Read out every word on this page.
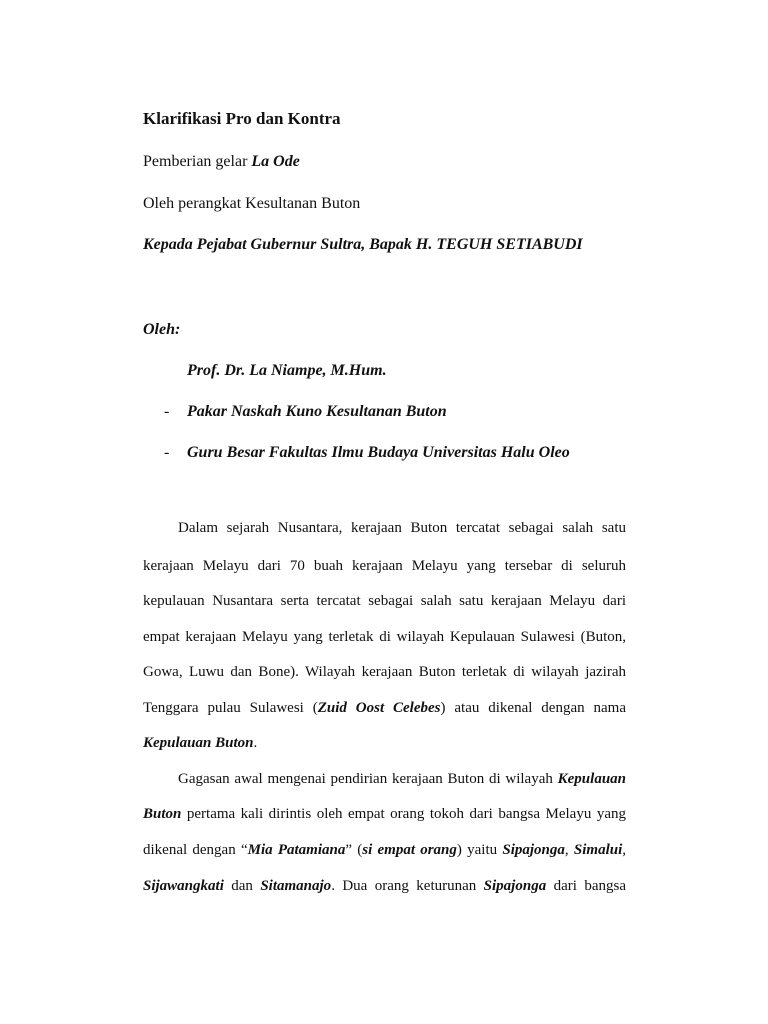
Klarifikasi Pro dan Kontra
Pemberian gelar La Ode
Oleh perangkat Kesultanan Buton
Kepada Pejabat Gubernur Sultra, Bapak H. TEGUH SETIABUDI
Oleh:
Prof. Dr. La Niampe, M.Hum.
- Pakar Naskah Kuno Kesultanan Buton
- Guru Besar Fakultas Ilmu Budaya Universitas Halu Oleo
Dalam sejarah Nusantara, kerajaan Buton tercatat sebagai salah satu
kerajaan Melayu dari 70 buah kerajaan Melayu yang tersebar di seluruh
kepulauan Nusantara serta tercatat sebagai salah satu kerajaan Melayu dari
empat kerajaan Melayu yang terletak di wilayah Kepulauan Sulawesi (Buton,
Gowa, Luwu dan Bone). Wilayah kerajaan Buton terletak di wilayah jazirah
Tenggara pulau Sulawesi (Zuid Oost Celebes) atau dikenal dengan nama
Kepulauan Buton.
Gagasan awal mengenai pendirian kerajaan Buton di wilayah Kepulauan
Buton pertama kali dirintis oleh empat orang tokoh dari bangsa Melayu yang
dikenal dengan “Mia Patamiana” (si empat orang) yaitu Sipajonga, Simalui,
Sijawangkati dan Sitamanajo. Dua orang keturunan Sipajonga dari bangsa
